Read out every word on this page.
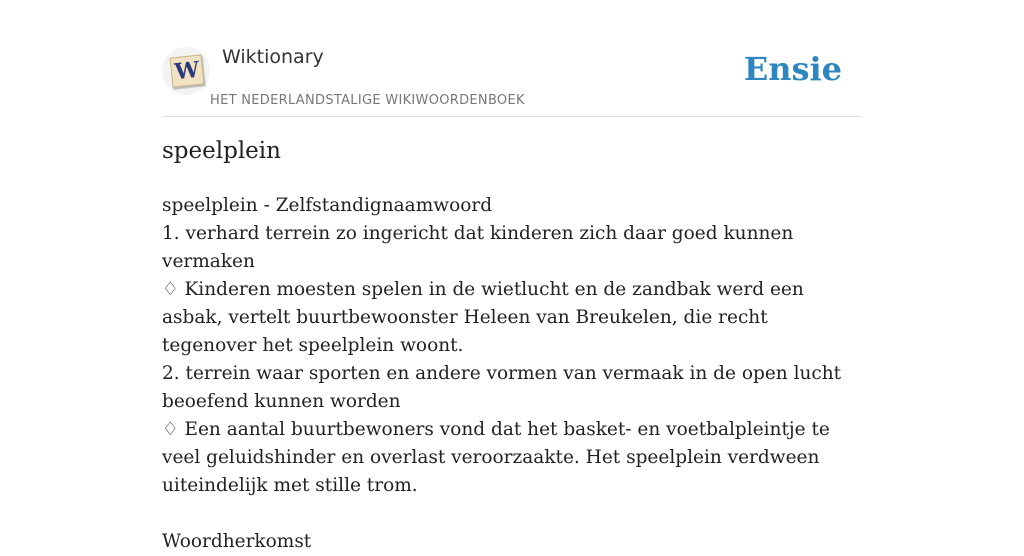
W Wiktionary
HET NEDERLANDSTALIGE WIKIWOORDENBOEK
Ensie
speelplein

speelplein - Zelfstandignaamwoord

1. verhard terrein zo ingericht dat kinderen zich daar goed kunnen vermaken

♢ Kinderen moesten spelen in de wietlucht en de zandbak werd een asbak, vertelt buurtbewoonster Heleen van Breukelen, die recht tegenover het speelplein woont.

2. terrein waar sporten en andere vormen van vermaak in de open lucht beoefend kunnen worden

♢ Een aantal buurtbewoners vond dat het basket- en voetbalpleintje te veel geluidshinder en overlast veroorzaakte. Het speelplein verdween uiteindelijk met stille trom.

Woordherkomst
